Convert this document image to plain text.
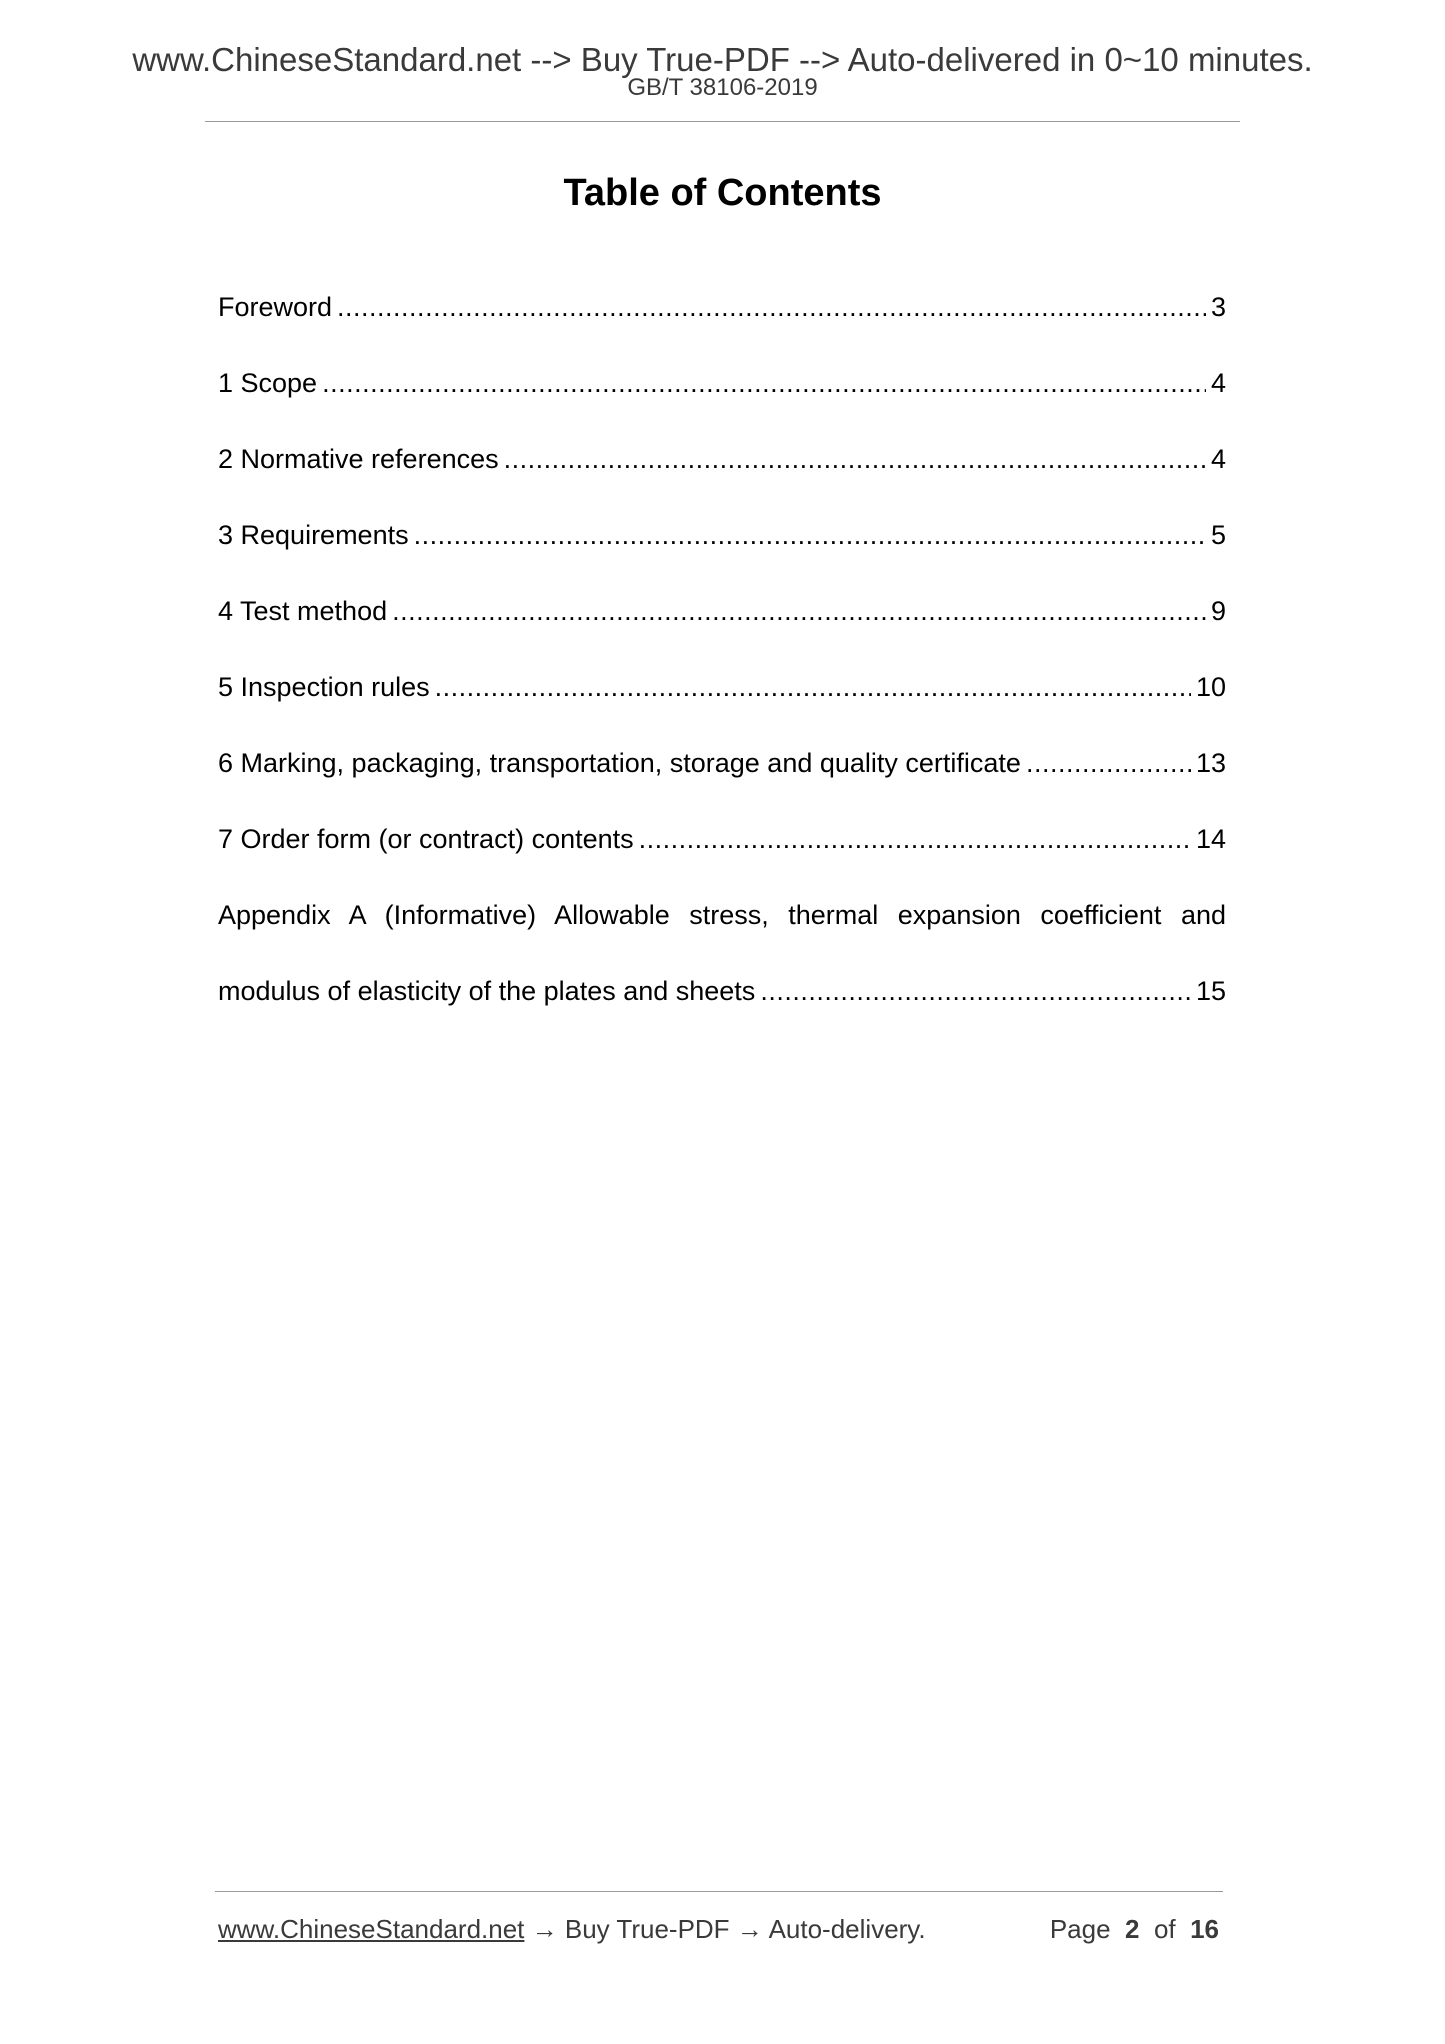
www.ChineseStandard.net --> Buy True-PDF --> Auto-delivered in 0~10 minutes.
GB/T 38106-2019
Table of Contents
Foreword .....	3
1 Scope .....	4
2 Normative references .....	4
3 Requirements .....	5
4 Test method .....	9
5 Inspection rules .....	10
6 Marking, packaging, transportation, storage and quality certificate .....	13
7 Order form (or contract) contents .....	14
Appendix A (Informative) Allowable stress, thermal expansion coefficient and
modulus of elasticity of the plates and sheets .....	15
www.ChineseStandard.net → Buy True-PDF → Auto-delivery.	Page 2 of 16
